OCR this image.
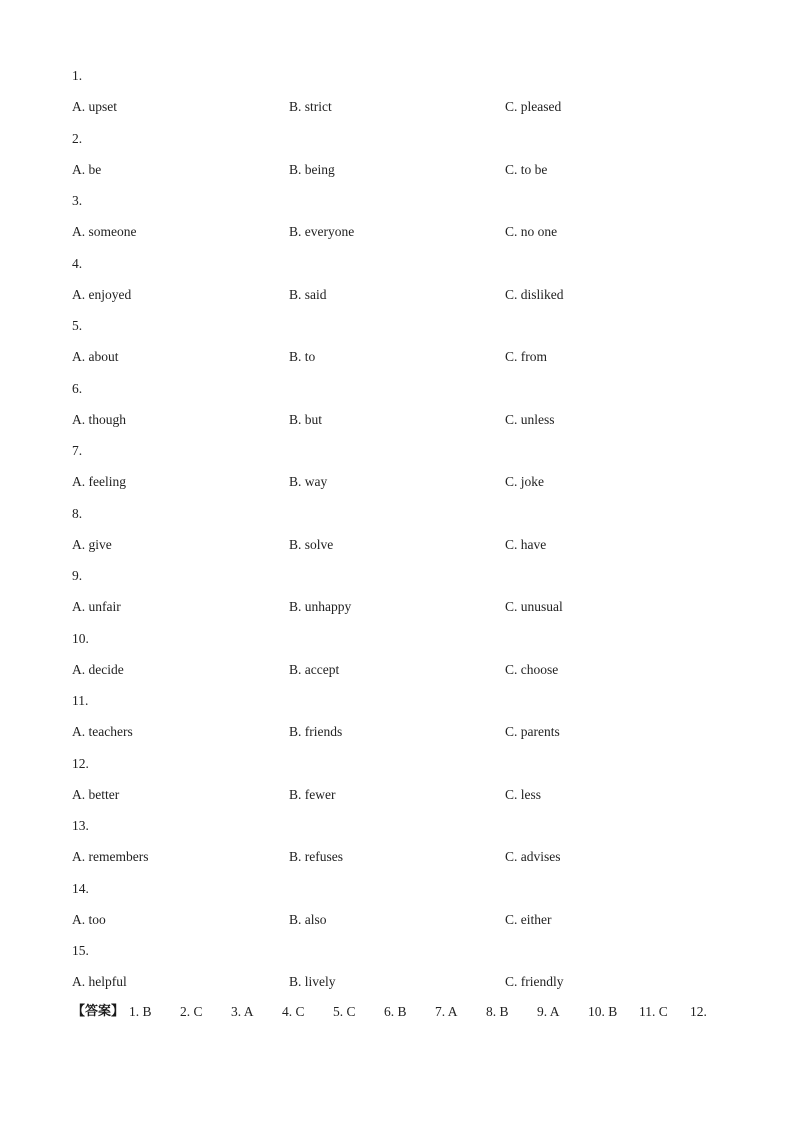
1.
A. upset	B. strict	C. pleased
2.
A. be	B. being	C. to be
3.
A. someone	B. everyone	C. no one
4.
A. enjoyed	B. said	C. disliked
5.
A. about	B. to	C. from
6.
A. though	B. but	C. unless
7.
A. feeling	B. way	C. joke
8.
A. give	B. solve	C. have
9.
A. unfair	B. unhappy	C. unusual
10.
A. decide	B. accept	C. choose
11.
A. teachers	B. friends	C. parents
12.
A. better	B. fewer	C. less
13.
A. remembers	B. refuses	C. advises
14.
A. too	B. also	C. either
15.
A. helpful	B. lively	C. friendly
【答案】 1. B 2. C 3. A 4. C 5. C 6. B 7. A 8. B 9. A 10. B 11. C 12.
